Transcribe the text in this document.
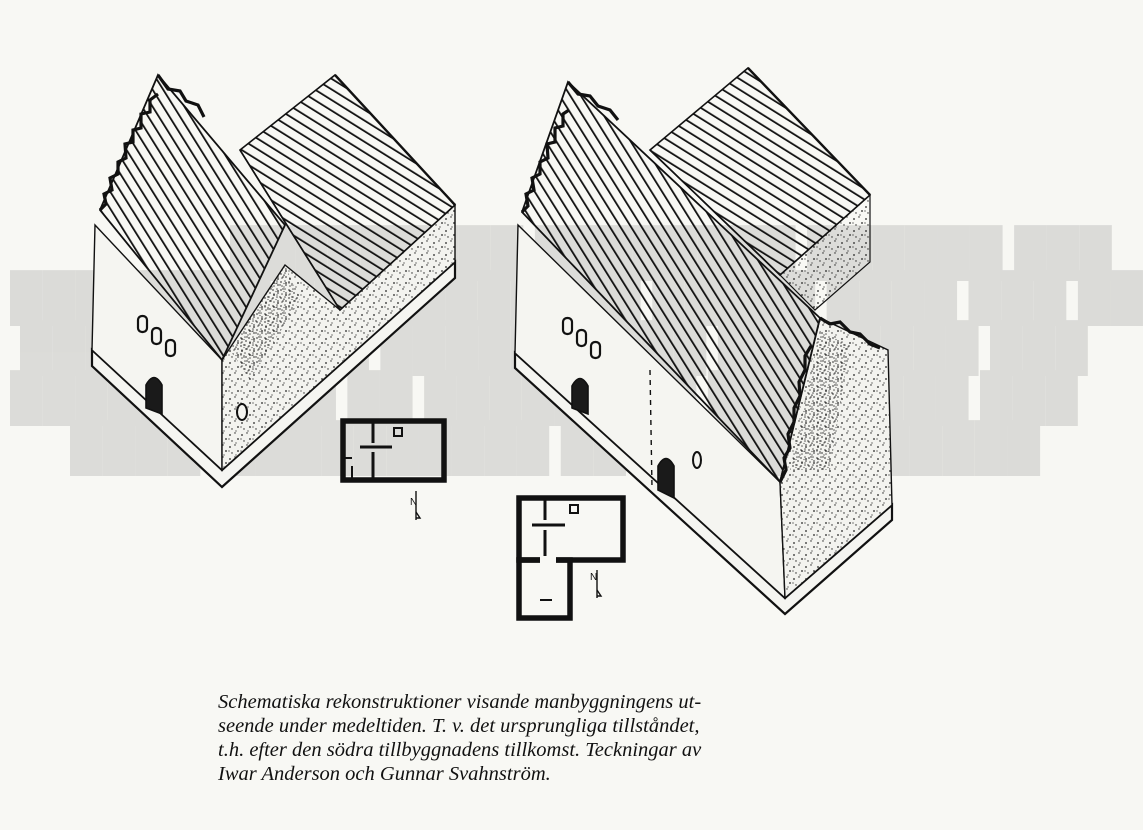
███
███ ██
███
███
N
N

Schematiska rekonstruktioner visande manbyggningens ut-
seende under medeltiden. T. v. det ursprungliga tillståndet,
t.h. efter den södra tillbyggnadens tillkomst. Teckningar av
Iwar Anderson och Gunnar Svahnström.
